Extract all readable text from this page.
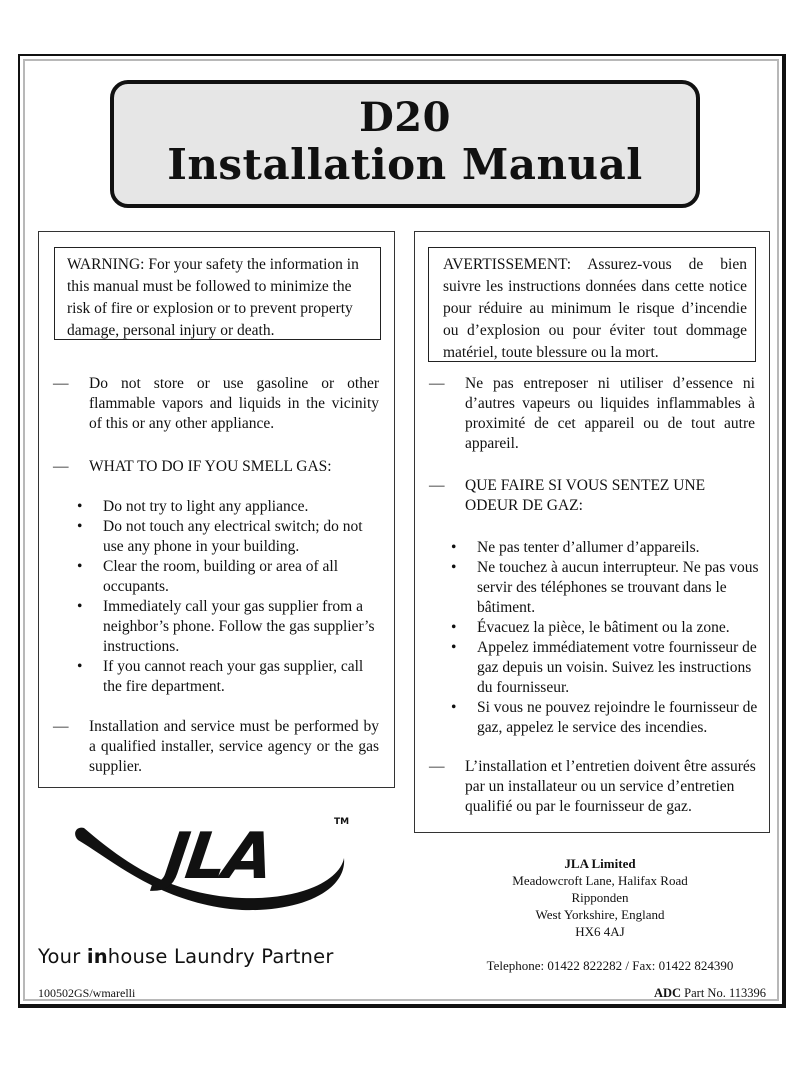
D20
Installation Manual
WARNING: For your safety the information in this manual must be followed to minimize the risk of fire or explosion or to prevent property damage, personal injury or death.
— Do not store or use gasoline or other flammable vapors and liquids in the vicinity of this or any other appliance.
— WHAT TO DO IF YOU SMELL GAS:
• Do not try to light any appliance.
• Do not touch any electrical switch; do not use any phone in your building.
• Clear the room, building or area of all occupants.
• Immediately call your gas supplier from a neighbor’s phone. Follow the gas supplier’s instructions.
• If you cannot reach your gas supplier, call the fire department.
— Installation and service must be performed by a qualified installer, service agency or the gas supplier.
AVERTISSEMENT: Assurez-vous de bien suivre les instructions données dans cette notice pour réduire au minimum le risque d’incendie ou d’explosion ou pour éviter tout dommage matériel, toute blessure ou la mort.
— Ne pas entreposer ni utiliser d’essence ni d’autres vapeurs ou liquides inflammables à proximité de cet appareil ou de tout autre appareil.
— QUE FAIRE SI VOUS SENTEZ UNE ODEUR DE GAZ:
• Ne pas tenter d’allumer d’appareils.
• Ne touchez à aucun interrupteur. Ne pas vous servir des téléphones se trouvant dans le bâtiment.
• Évacuez la pièce, le bâtiment ou la zone.
• Appelez immédiatement votre fournisseur de gaz depuis un voisin. Suivez les instructions du fournisseur.
• Si vous ne pouvez rejoindre le fournisseur de gaz, appelez le service des incendies.
— L’installation et l’entretien doivent être assurés par un installateur ou un service d’entretien qualifié ou par le fournisseur de gaz.
JLA	TM
Your inhouse Laundry Partner
JLA Limited
Meadowcroft Lane, Halifax Road
Ripponden
West Yorkshire, England
HX6 4AJ
Telephone: 01422 822282 / Fax: 01422 824390
100502GS/wmarelli	ADC Part No. 113396
